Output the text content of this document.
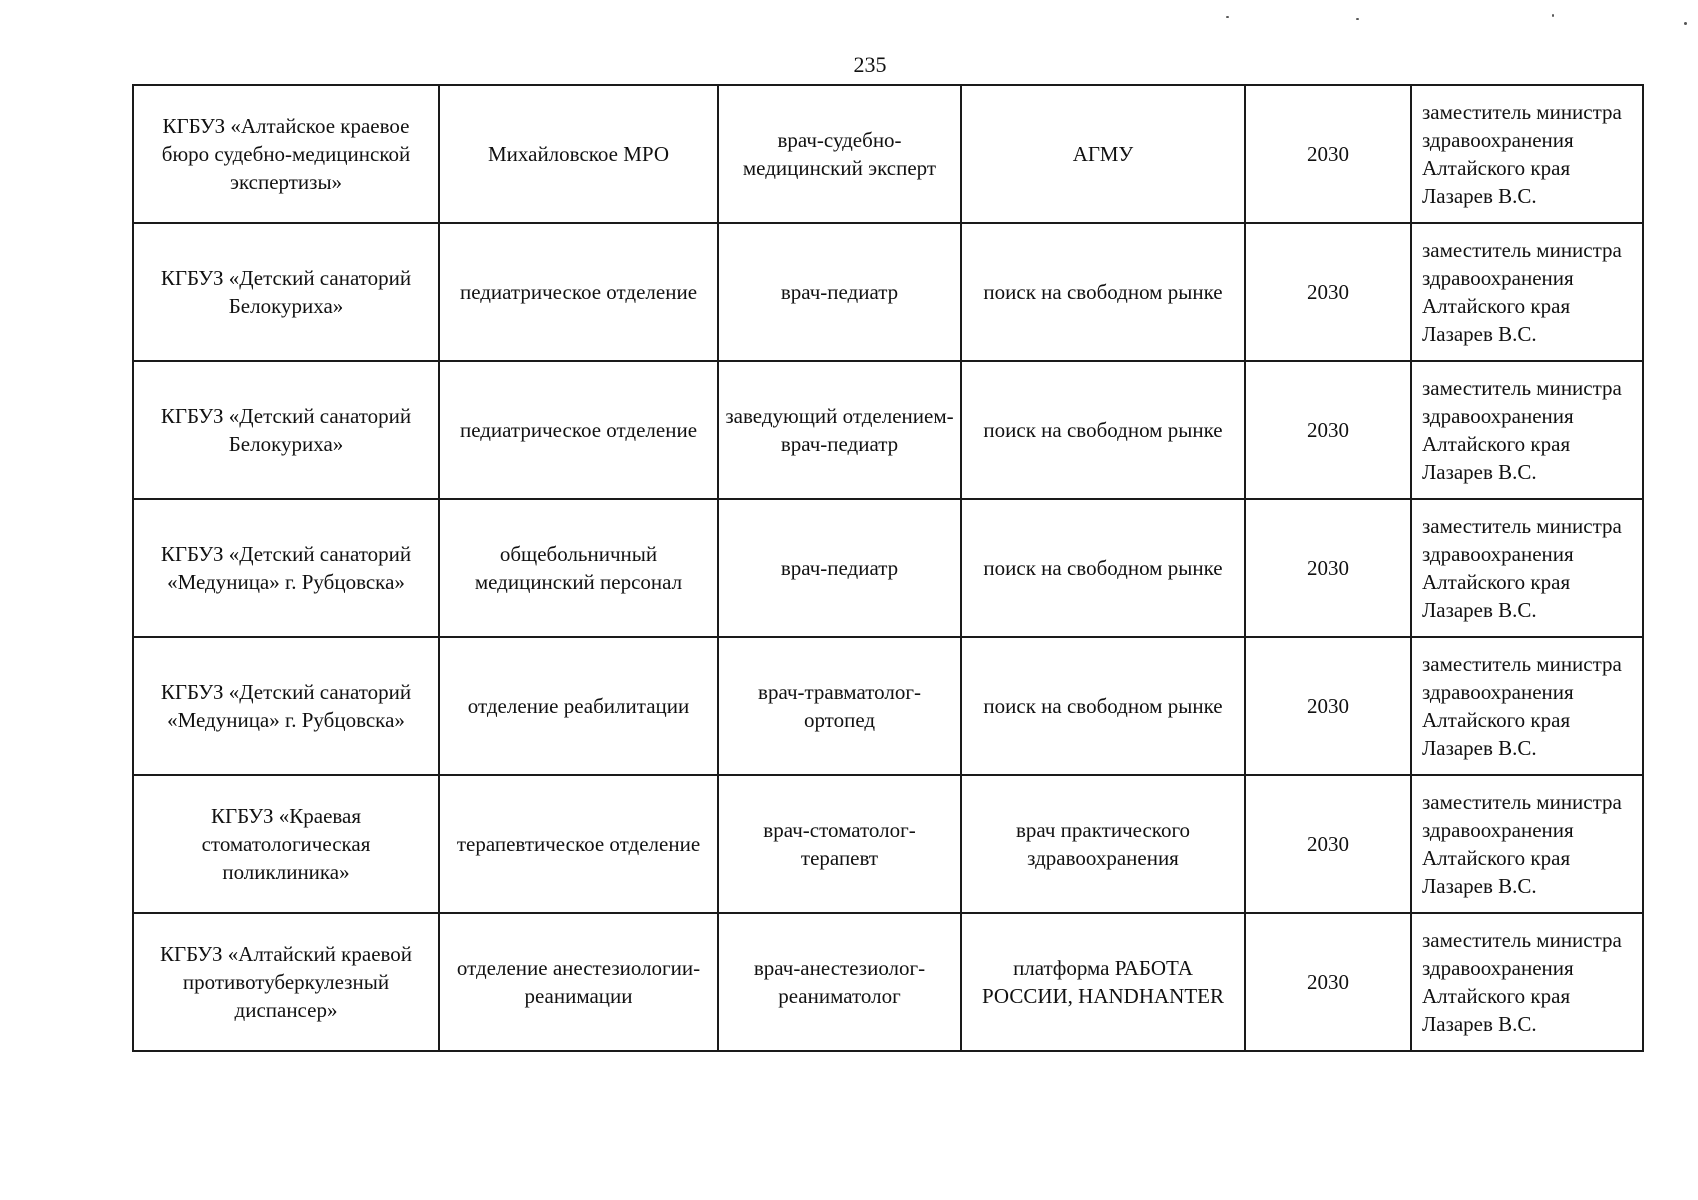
235
КГБУЗ «Алтайское краевое бюро судебно-медицинской экспертизы»	Михайловское МРО	врач-судебно-медицинский эксперт	АГМУ	2030	заместитель министра здравоохранения Алтайского края Лазарев В.С.
КГБУЗ «Детский санаторий Белокуриха»	педиатрическое отделение	врач-педиатр	поиск на свободном рынке	2030	заместитель министра здравоохранения Алтайского края Лазарев В.С.
КГБУЗ «Детский санаторий Белокуриха»	педиатрическое отделение	заведующий отделением-врач-педиатр	поиск на свободном рынке	2030	заместитель министра здравоохранения Алтайского края Лазарев В.С.
КГБУЗ «Детский санаторий «Медуница» г. Рубцовска»	общебольничный медицинский персонал	врач-педиатр	поиск на свободном рынке	2030	заместитель министра здравоохранения Алтайского края Лазарев В.С.
КГБУЗ «Детский санаторий «Медуница» г. Рубцовска»	отделение реабилитации	врач-травматолог-ортопед	поиск на свободном рынке	2030	заместитель министра здравоохранения Алтайского края Лазарев В.С.
КГБУЗ «Краевая стоматологическая поликлиника»	терапевтическое отделение	врач-стоматолог-терапевт	врач практического здравоохранения	2030	заместитель министра здравоохранения Алтайского края Лазарев В.С.
КГБУЗ «Алтайский краевой противотуберкулезный диспансер»	отделение анестезиологии-реанимации	врач-анестезиолог-реаниматолог	платформа РАБОТА РОССИИ, HANDHANTER	2030	заместитель министра здравоохранения Алтайского края Лазарев В.С.
